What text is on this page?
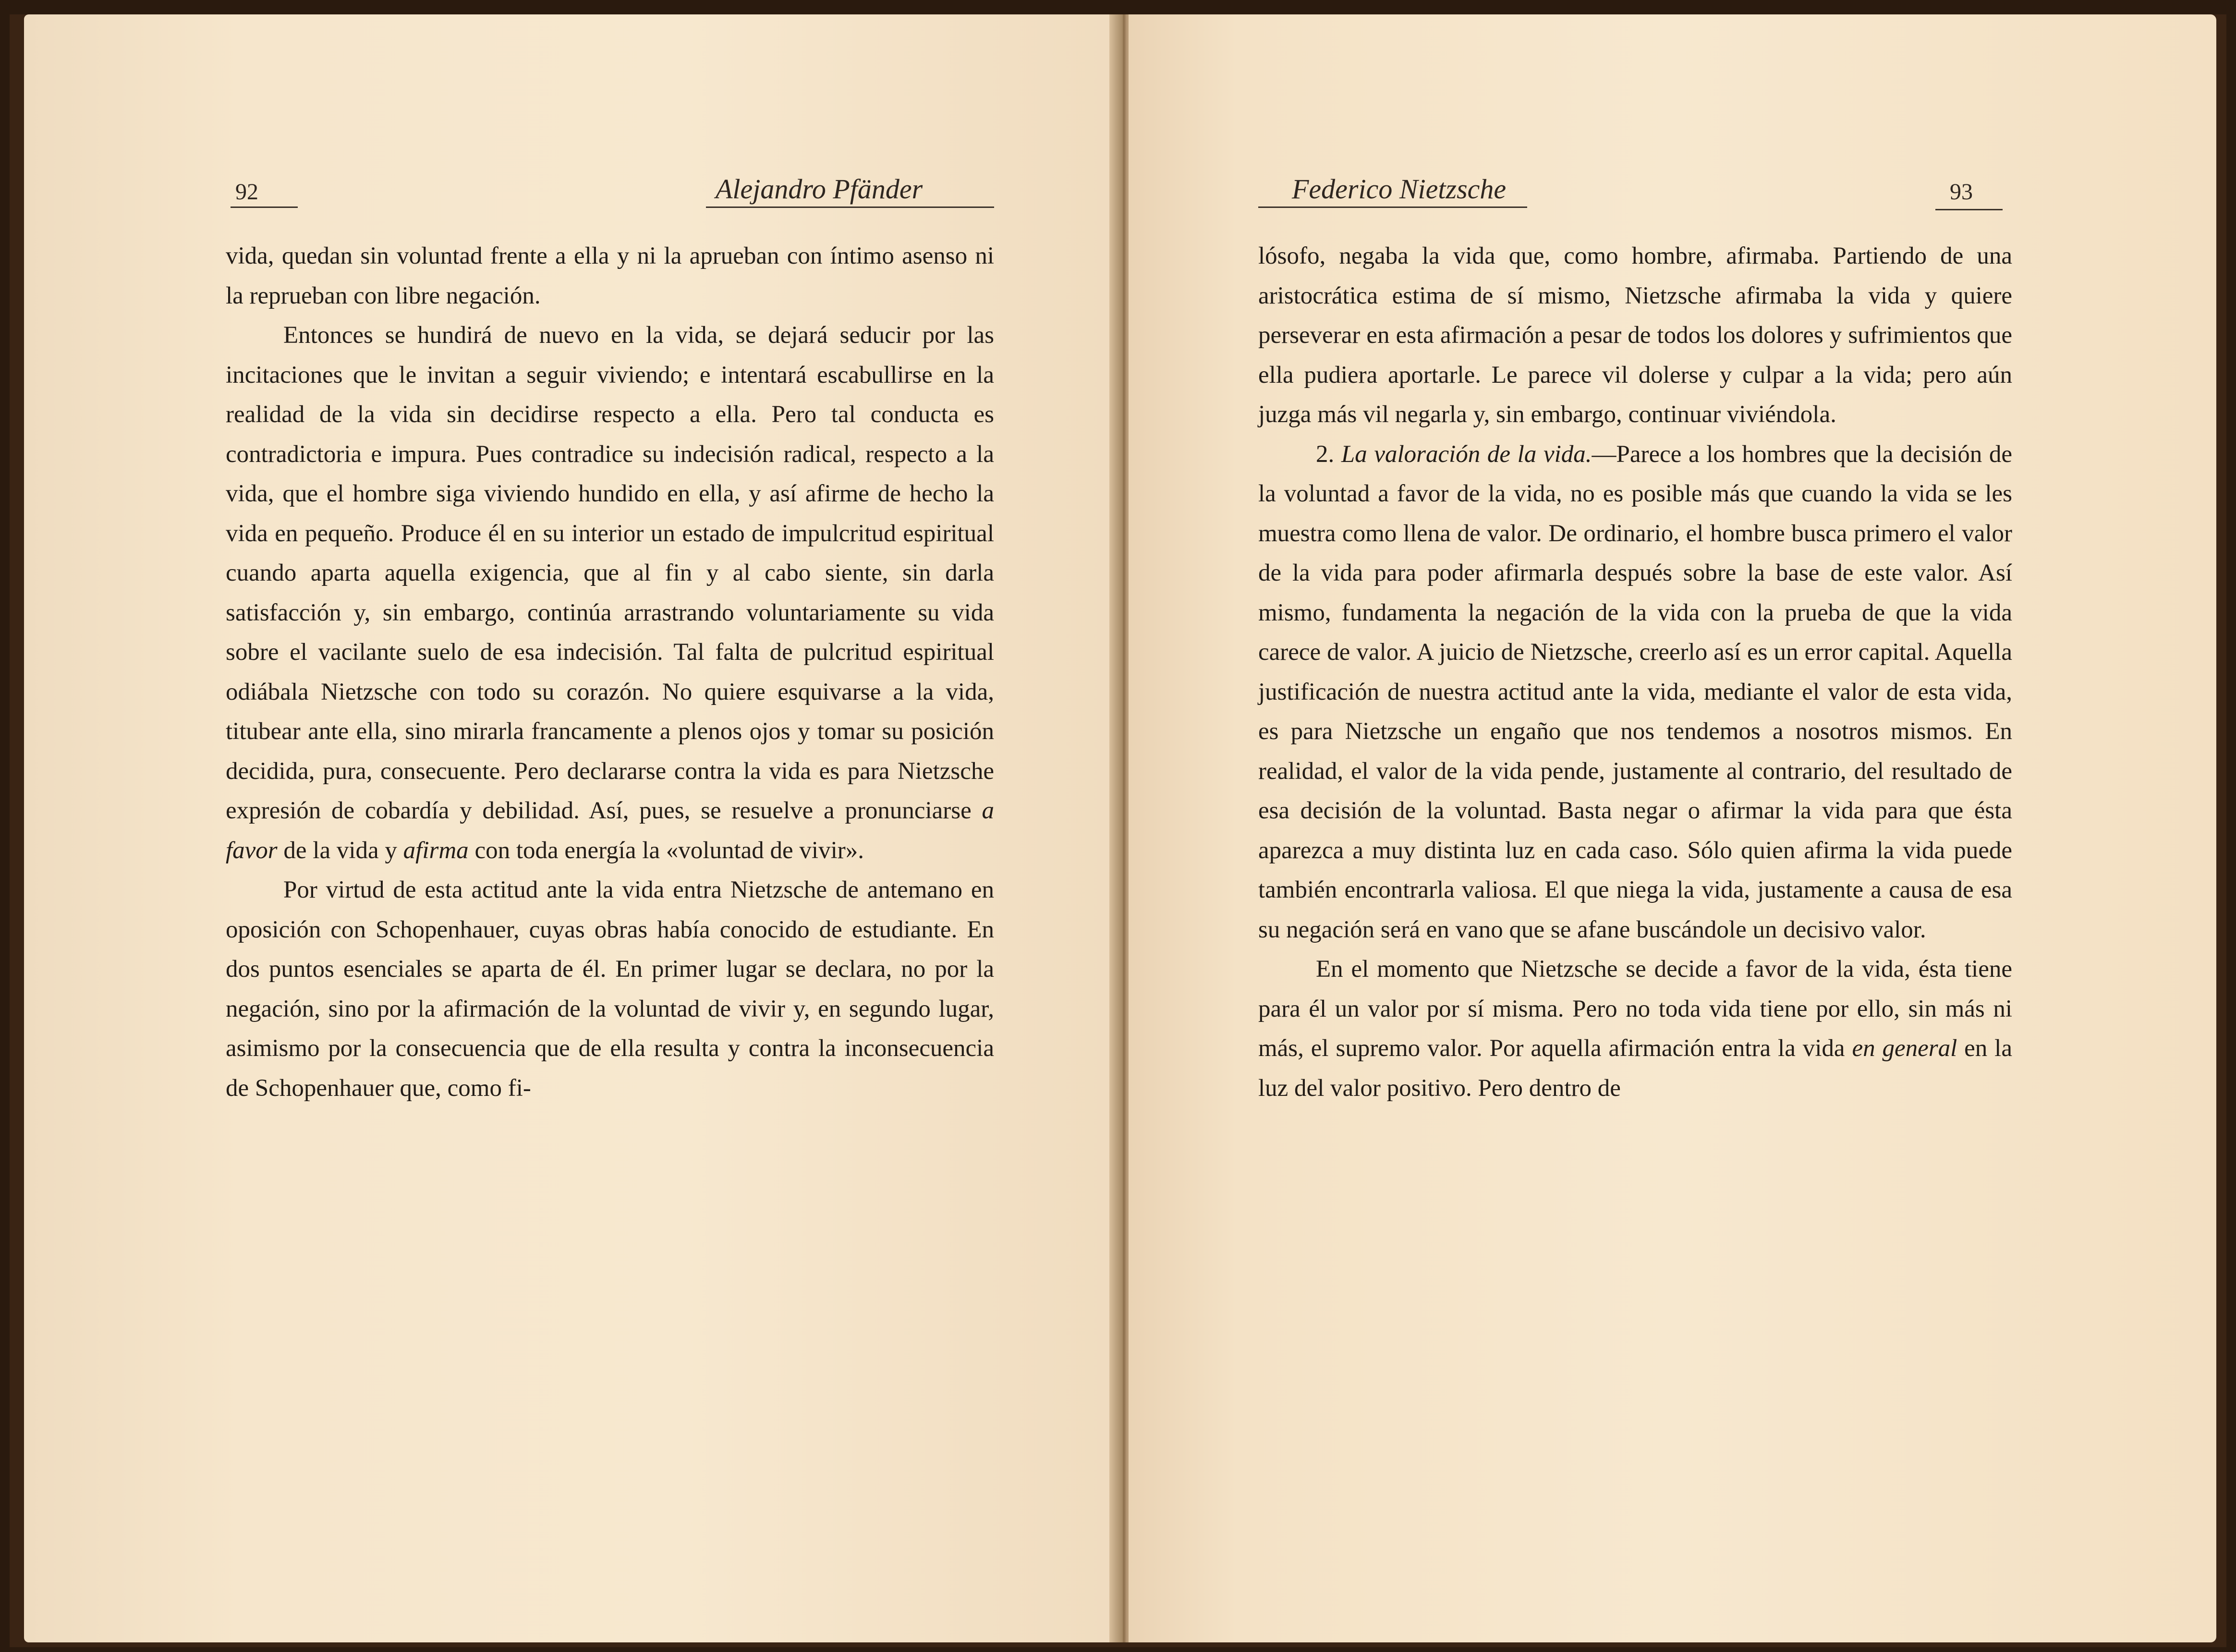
92	Alejandro Pfänder

vida, quedan sin voluntad frente a ella y ni la aprueban con íntimo asenso ni la reprueban con libre negación.

Entonces se hundirá de nuevo en la vida, se dejará seducir por las incitaciones que le invitan a seguir viviendo; e intentará escabullirse en la realidad de la vida sin decidirse respecto a ella. Pero tal conducta es contradictoria e impura. Pues contradice su indecisión radical, respecto a la vida, que el hombre siga viviendo hundido en ella, y así afirme de hecho la vida en pequeño. Produce él en su interior un estado de impulcritud espiritual cuando aparta aquella exigencia, que al fin y al cabo siente, sin darla satisfacción y, sin embargo, continúa arrastrando voluntariamente su vida sobre el vacilante suelo de esa indecisión. Tal falta de pulcritud espiritual odiábala Nietzsche con todo su corazón. No quiere esquivarse a la vida, titubear ante ella, sino mirarla francamente a plenos ojos y tomar su posición decidida, pura, consecuente. Pero declararse contra la vida es para Nietzsche expresión de cobardía y debilidad. Así, pues, se resuelve a pronunciarse a favor de la vida y afirma con toda energía la «voluntad de vivir».

Por virtud de esta actitud ante la vida entra Nietzsche de antemano en oposición con Schopenhauer, cuyas obras había conocido de estudiante. En dos puntos esenciales se aparta de él. En primer lugar se declara, no por la negación, sino por la afirmación de la voluntad de vivir y, en segundo lugar, asimismo por la consecuencia que de ella resulta y contra la inconsecuencia de Schopenhauer que, como fi-

Federico Nietzsche	93

lósofo, negaba la vida que, como hombre, afirmaba. Partiendo de una aristocrática estima de sí mismo, Nietzsche afirmaba la vida y quiere perseverar en esta afirmación a pesar de todos los dolores y sufrimientos que ella pudiera aportarle. Le parece vil dolerse y culpar a la vida; pero aún juzga más vil negarla y, sin embargo, continuar viviéndola.

2. La valoración de la vida.—Parece a los hombres que la decisión de la voluntad a favor de la vida, no es posible más que cuando la vida se les muestra como llena de valor. De ordinario, el hombre busca primero el valor de la vida para poder afirmarla después sobre la base de este valor. Así mismo, fundamenta la negación de la vida con la prueba de que la vida carece de valor. A juicio de Nietzsche, creerlo así es un error capital. Aquella justificación de nuestra actitud ante la vida, mediante el valor de esta vida, es para Nietzsche un engaño que nos tendemos a nosotros mismos. En realidad, el valor de la vida pende, justamente al contrario, del resultado de esa decisión de la voluntad. Basta negar o afirmar la vida para que ésta aparezca a muy distinta luz en cada caso. Sólo quien afirma la vida puede también encontrarla valiosa. El que niega la vida, justamente a causa de esa su negación será en vano que se afane buscándole un decisivo valor.

En el momento que Nietzsche se decide a favor de la vida, ésta tiene para él un valor por sí misma. Pero no toda vida tiene por ello, sin más ni más, el supremo valor. Por aquella afirmación entra la vida en general en la luz del valor positivo. Pero dentro de
